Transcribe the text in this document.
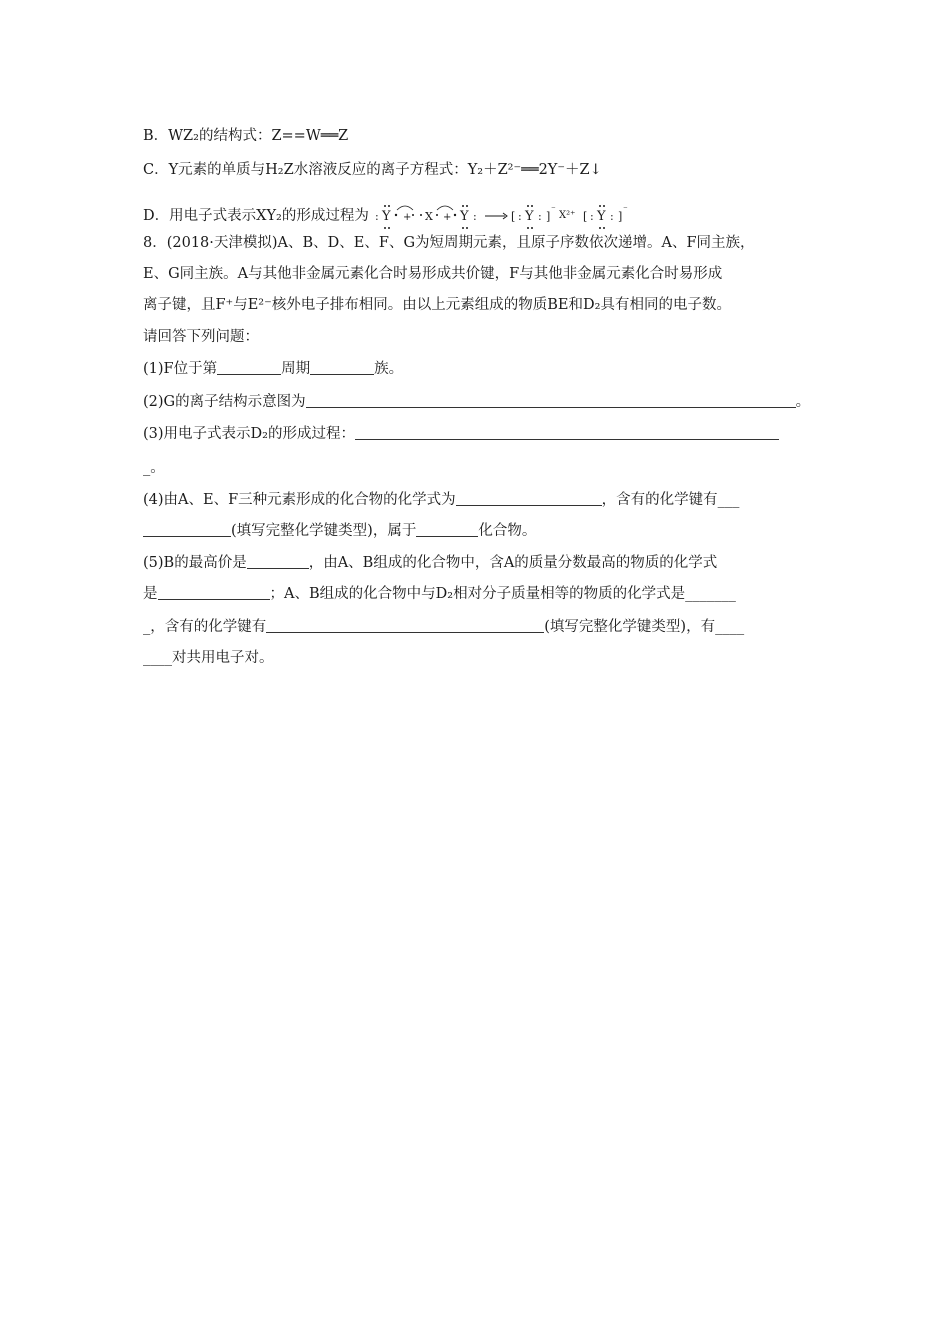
B．WZ₂的结构式：Z==W══Z
C．Y元素的单质与H₂Z水溶液反应的离子方程式：Y₂＋Z²⁻══2Y⁻＋Z↓
D．用电子式表示XY₂的形成过程为 : Y + X + Y :	[ : Y : ] ⁻ X²⁺ [ : Y : ] ⁻
8．(2018·天津模拟)A、B、D、E、F、G为短周期元素，且原子序数依次递增。A、F同主族，
E、G同主族。A与其他非金属元素化合时易形成共价键，F与其他非金属元素化合时易形成
离子键，且F⁺与E²⁻核外电子排布相同。由以上元素组成的物质BE和D₂具有相同的电子数。
请回答下列问题：
(1)F位于第	周期	族。
(2)G的离子结构示意图为	。
(3)用电子式表示D₂的形成过程：
_。
(4)由A、E、F三种元素形成的化合物的化学式为	，含有的化学键有___
(填写完整化学键类型)，属于	化合物。
(5)B的最高价是	，由A、B组成的化合物中，含A的质量分数最高的物质的化学式
是	；A、B组成的化合物中与D₂相对分子质量相等的物质的化学式是_______
_，含有的化学键有	(填写完整化学键类型)，有____
____对共用电子对。
